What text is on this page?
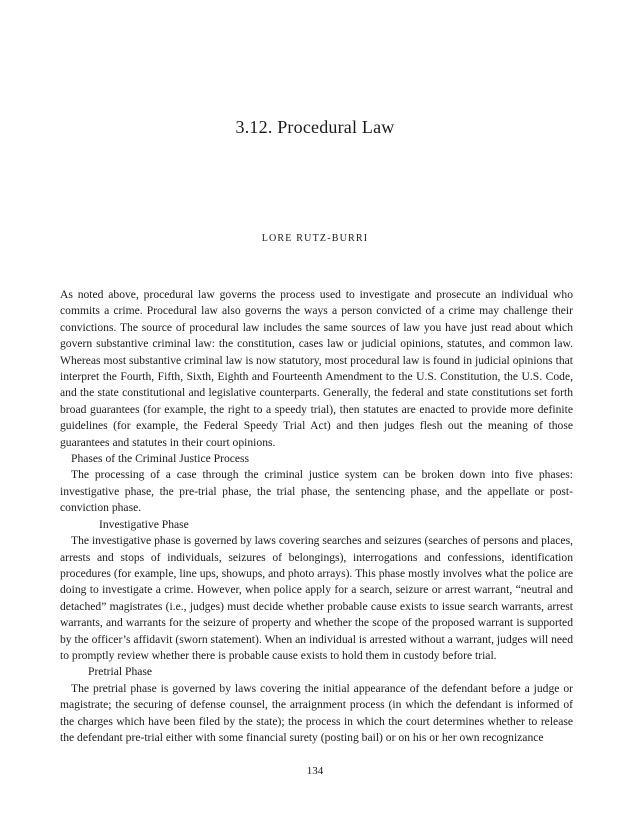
3.12. Procedural Law
LORE RUTZ-BURRI

As noted above, procedural law governs the process used to investigate and prosecute an individual who commits a crime. Procedural law also governs the ways a person convicted of a crime may challenge their convictions. The source of procedural law includes the same sources of law you have just read about which govern substantive criminal law: the constitution, cases law or judicial opinions, statutes, and common law. Whereas most substantive criminal law is now statutory, most procedural law is found in judicial opinions that interpret the Fourth, Fifth, Sixth, Eighth and Fourteenth Amendment to the U.S. Constitution, the U.S. Code, and the state constitutional and legislative counterparts. Generally, the federal and state constitutions set forth broad guarantees (for example, the right to a speedy trial), then statutes are enacted to provide more definite guidelines (for example, the Federal Speedy Trial Act) and then judges flesh out the meaning of those guarantees and statutes in their court opinions.

Phases of the Criminal Justice Process

The processing of a case through the criminal justice system can be broken down into five phases: investigative phase, the pre-trial phase, the trial phase, the sentencing phase, and the appellate or post-conviction phase.

Investigative Phase

The investigative phase is governed by laws covering searches and seizures (searches of persons and places, arrests and stops of individuals, seizures of belongings), interrogations and confessions, identification procedures (for example, line ups, showups, and photo arrays). This phase mostly involves what the police are doing to investigate a crime. However, when police apply for a search, seizure or arrest warrant, “neutral and detached” magistrates (i.e., judges) must decide whether probable cause exists to issue search warrants, arrest warrants, and warrants for the seizure of property and whether the scope of the proposed warrant is supported by the officer’s affidavit (sworn statement). When an individual is arrested without a warrant, judges will need to promptly review whether there is probable cause exists to hold them in custody before trial.

Pretrial Phase

The pretrial phase is governed by laws covering the initial appearance of the defendant before a judge or magistrate; the securing of defense counsel, the arraignment process (in which the defendant is informed of the charges which have been filed by the state); the process in which the court determines whether to release the defendant pre-trial either with some financial surety (posting bail) or on his or her own recognizance

134
